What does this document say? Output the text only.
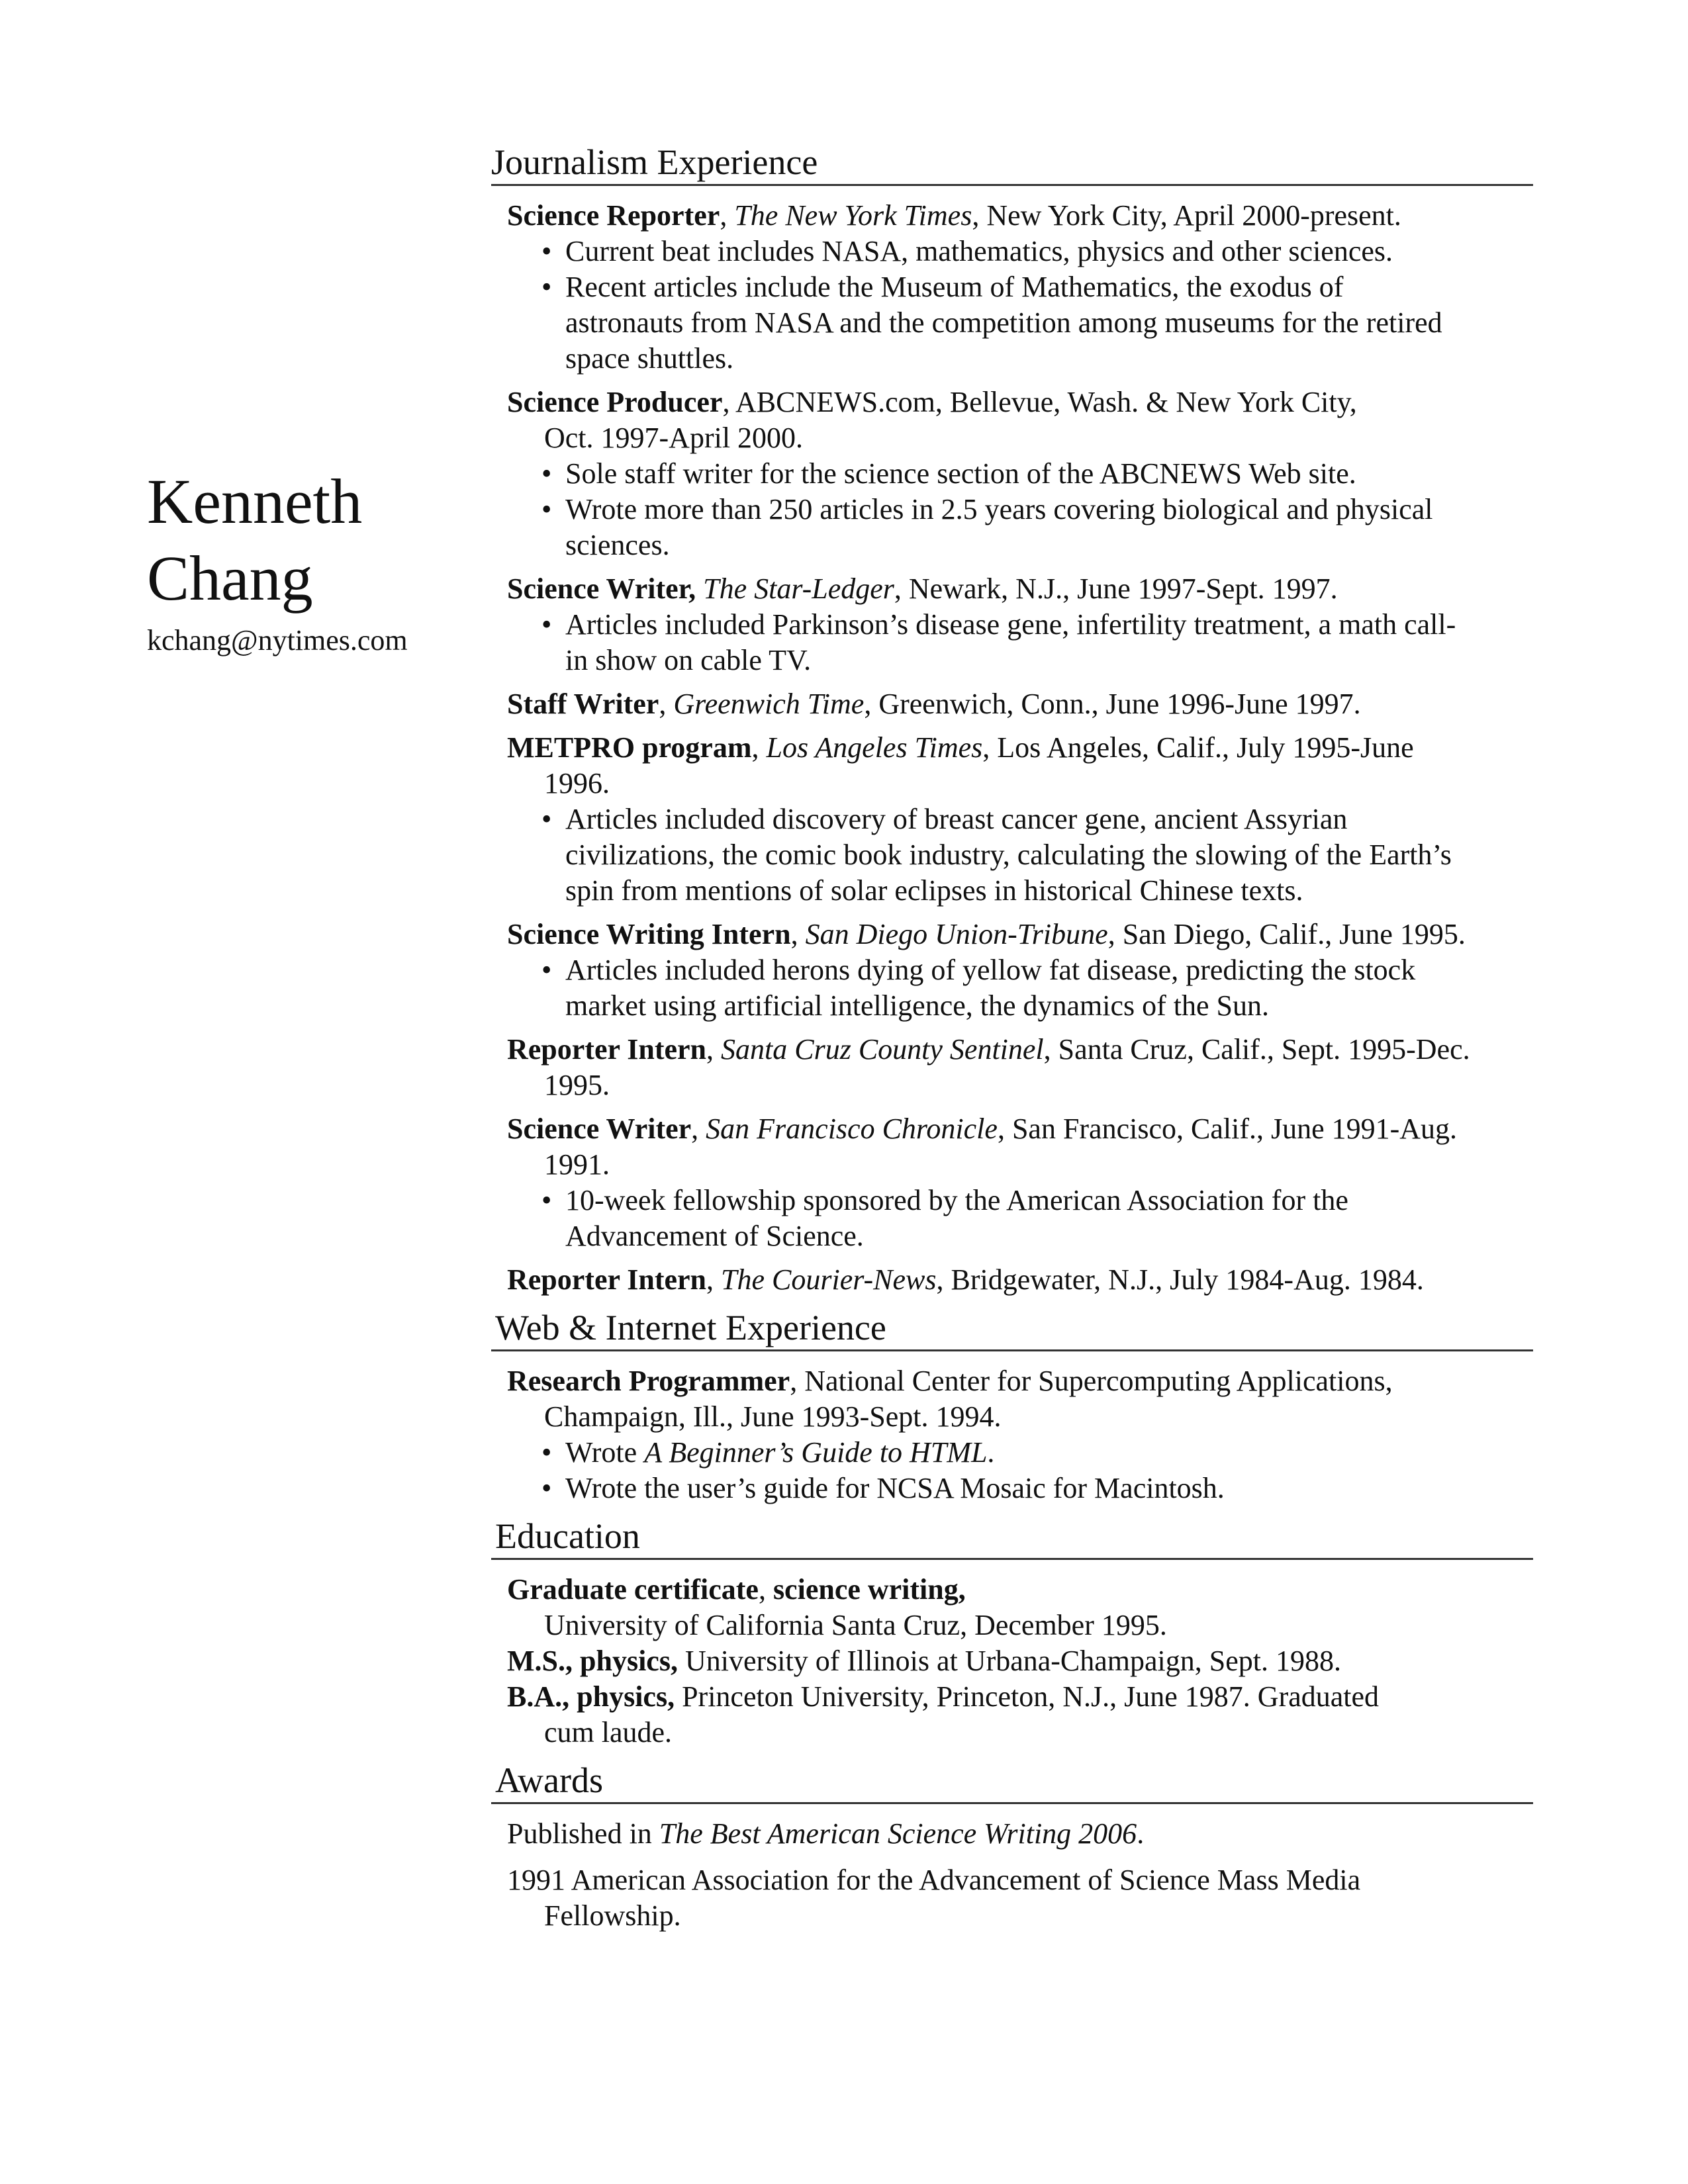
Kenneth
Chang
kchang@nytimes.com
Journalism Experience
Science Reporter, The New York Times, New York City, April 2000-present.
• Current beat includes NASA, mathematics, physics and other sciences.
• Recent articles include the Museum of Mathematics, the exodus of
astronauts from NASA and the competition among museums for the retired
space shuttles.
Science Producer, ABCNEWS.com, Bellevue, Wash. & New York City,
Oct. 1997-April 2000.
• Sole staff writer for the science section of the ABCNEWS Web site.
• Wrote more than 250 articles in 2.5 years covering biological and physical
sciences.
Science Writer, The Star-Ledger, Newark, N.J., June 1997-Sept. 1997.
• Articles included Parkinson’s disease gene, infertility treatment, a math call-
in show on cable TV.
Staff Writer, Greenwich Time, Greenwich, Conn., June 1996-June 1997.
METPRO program, Los Angeles Times, Los Angeles, Calif., July 1995-June
1996.
• Articles included discovery of breast cancer gene, ancient Assyrian
civilizations, the comic book industry, calculating the slowing of the Earth’s
spin from mentions of solar eclipses in historical Chinese texts.
Science Writing Intern, San Diego Union-Tribune, San Diego, Calif., June 1995.
• Articles included herons dying of yellow fat disease, predicting the stock
market using artificial intelligence, the dynamics of the Sun.
Reporter Intern, Santa Cruz County Sentinel, Santa Cruz, Calif., Sept. 1995-Dec.
1995.
Science Writer, San Francisco Chronicle, San Francisco, Calif., June 1991-Aug.
1991.
• 10-week fellowship sponsored by the American Association for the
Advancement of Science.
Reporter Intern, The Courier-News, Bridgewater, N.J., July 1984-Aug. 1984.
Web & Internet Experience
Research Programmer, National Center for Supercomputing Applications,
Champaign, Ill., June 1993-Sept. 1994.
• Wrote A Beginner’s Guide to HTML.
• Wrote the user’s guide for NCSA Mosaic for Macintosh.
Education
Graduate certificate, science writing,
University of California Santa Cruz, December 1995.
M.S., physics, University of Illinois at Urbana-Champaign, Sept. 1988.
B.A., physics, Princeton University, Princeton, N.J., June 1987. Graduated
cum laude.
Awards
Published in The Best American Science Writing 2006.
1991 American Association for the Advancement of Science Mass Media
Fellowship.
